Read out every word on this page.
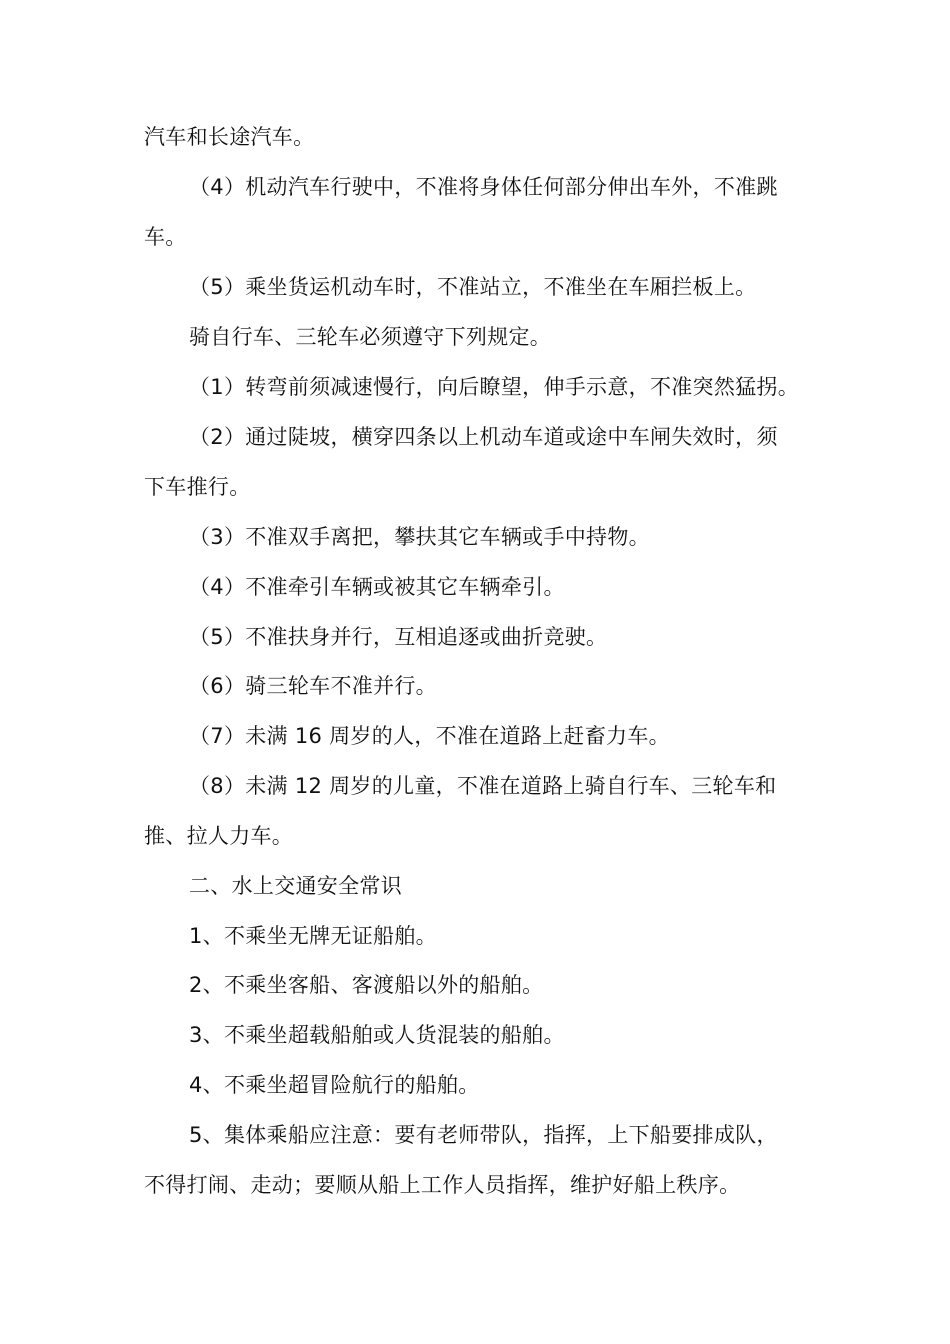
汽车和长途汽车。
（4）机动汽车行驶中，不准将身体任何部分伸出车外，不准跳
车。
（5）乘坐货运机动车时，不准站立，不准坐在车厢拦板上。
骑自行车、三轮车必须遵守下列规定。
（1）转弯前须减速慢行，向后瞭望，伸手示意，不准突然猛拐。
（2）通过陡坡，横穿四条以上机动车道或途中车闸失效时，须
下车推行。
（3）不准双手离把，攀扶其它车辆或手中持物。
（4）不准牵引车辆或被其它车辆牵引。
（5）不准扶身并行，互相追逐或曲折竞驶。
（6）骑三轮车不准并行。
（7）未满 16 周岁的人，不准在道路上赶畜力车。
（8）未满 12 周岁的儿童，不准在道路上骑自行车、三轮车和
推、拉人力车。
二、水上交通安全常识
1、不乘坐无牌无证船舶。
2、不乘坐客船、客渡船以外的船舶。
3、不乘坐超载船舶或人货混装的船舶。
4、不乘坐超冒险航行的船舶。
5、集体乘船应注意：要有老师带队，指挥，上下船要排成队，
不得打闹、走动；要顺从船上工作人员指挥，维护好船上秩序。
